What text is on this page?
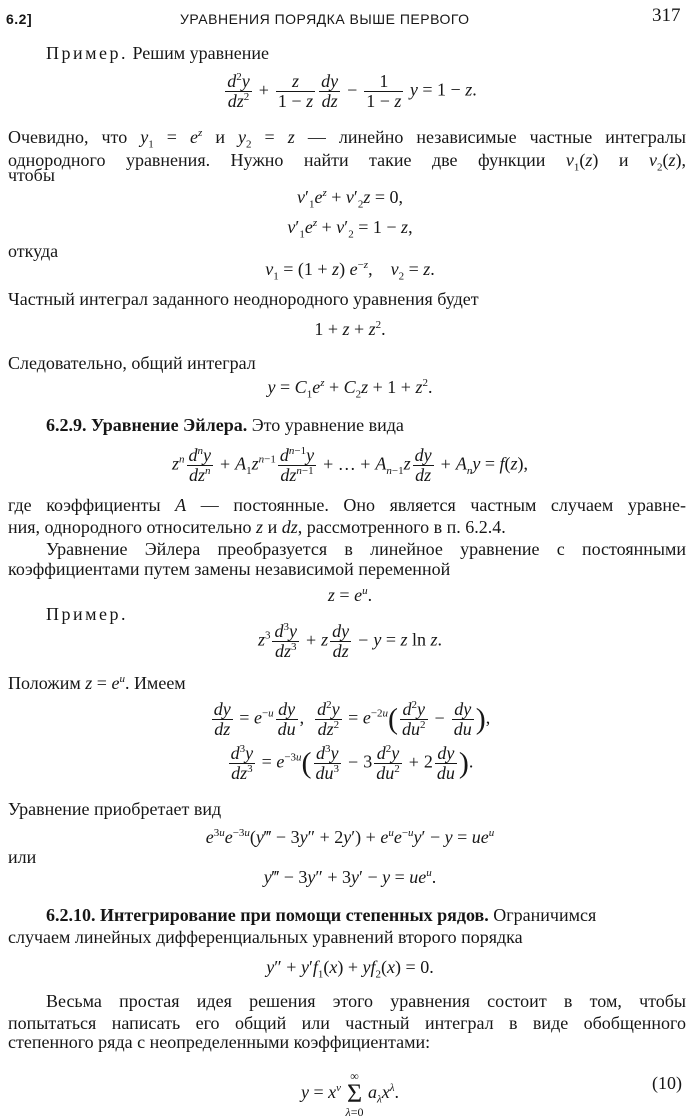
6.2]	УРАВНЕНИЯ ПОРЯДКА ВЫШЕ ПЕРВОГО	317
Пример. Решим уравнение
$\frac{d^2y}{dz^2} + \frac{z}{1 - z} \frac{dy}{dz} - \frac{1}{1 - z}$ y = 1 − z.
Очевидно, что $y_1 = e^z$ и $y_2 = z$ — линейно независимые частные интегралы
однородного уравнения. Нужно найти такие две функции $v_1(z)$ и $v_2(z)$,
чтобы
$v'_1e^z + v'_2z = 0$,
$v'_1e^z + v'_2 = 1 - z$,
откуда
$v_1 = (1 + z)$ $e^{-z}$,    $v_2 = z$.
Частный интеграл заданного неоднородного уравнения будет
$1 + z + z^2$.
Следовательно, общий интеграл
$y = C_1e^z + C_2z + 1 + z^2$.
6.2.9. Уравнение Эйлера. Это уравнение вида
$z^n$ $d^ny$
$dz^n + A_1z^{n-1}$ $d^{n-1}y$
$dz^{n-1}$ + … + $A_{n-1}z \frac{dy}{dz} + A_ny = f(z)$,
где коэффициенты A — постоянные. Оно является частным случаем уравне-
ния, однородного относительно z и dz, рассмотренного в п. 6.2.4.
Уравнение Эйлера преобразуется в линейное уравнение с постоянными
коэффициентами путем замены независимой переменной
$z = e^u$.
Пример.
$z^3 \frac{d^3y}{dz^3} + z \frac{dy}{dz} - y = z$ ln z.
Положим $z = e^u$. Имеем
$\frac{dy}{dz} = e^{-u} \frac{dy}{du}$ , $\frac{d^2y}{dz^2} = e^{-2u}( \frac{d^2y}{du^2} - \frac{dy}{du}$ ),
$\frac{d^3y}{dz^3} = e^{-3u}( \frac{d^3y}{du^3} - 3 \frac{d^2y}{du^2} + 2 \frac{dy}{du}$ ).
Уравнение приобретает вид
$e^{3u}e^{-3u}(y‴ - 3y'' + 2y') + e^ue^{-u}y' - y = ue^u$
или
y‴ − $3y'' + 3y' - y = ue^u$.
6.2.10. Интегрирование при помощи степенных рядов. Ограничимся
случаем линейных дифференциальных уравнений второго порядка
$y'' + y'f_1(x) + yf_2(x) = 0$.
Весьма простая идея решения этого уравнения состоит в том, чтобы
попытаться написать его общий или частный интеграл в виде обобщенного
степенного ряда с неопределенными коэффициентами:
$y = x^\nu$ ∞
Σ
λ=0 $a_\lambda x^\lambda$.	(10)
